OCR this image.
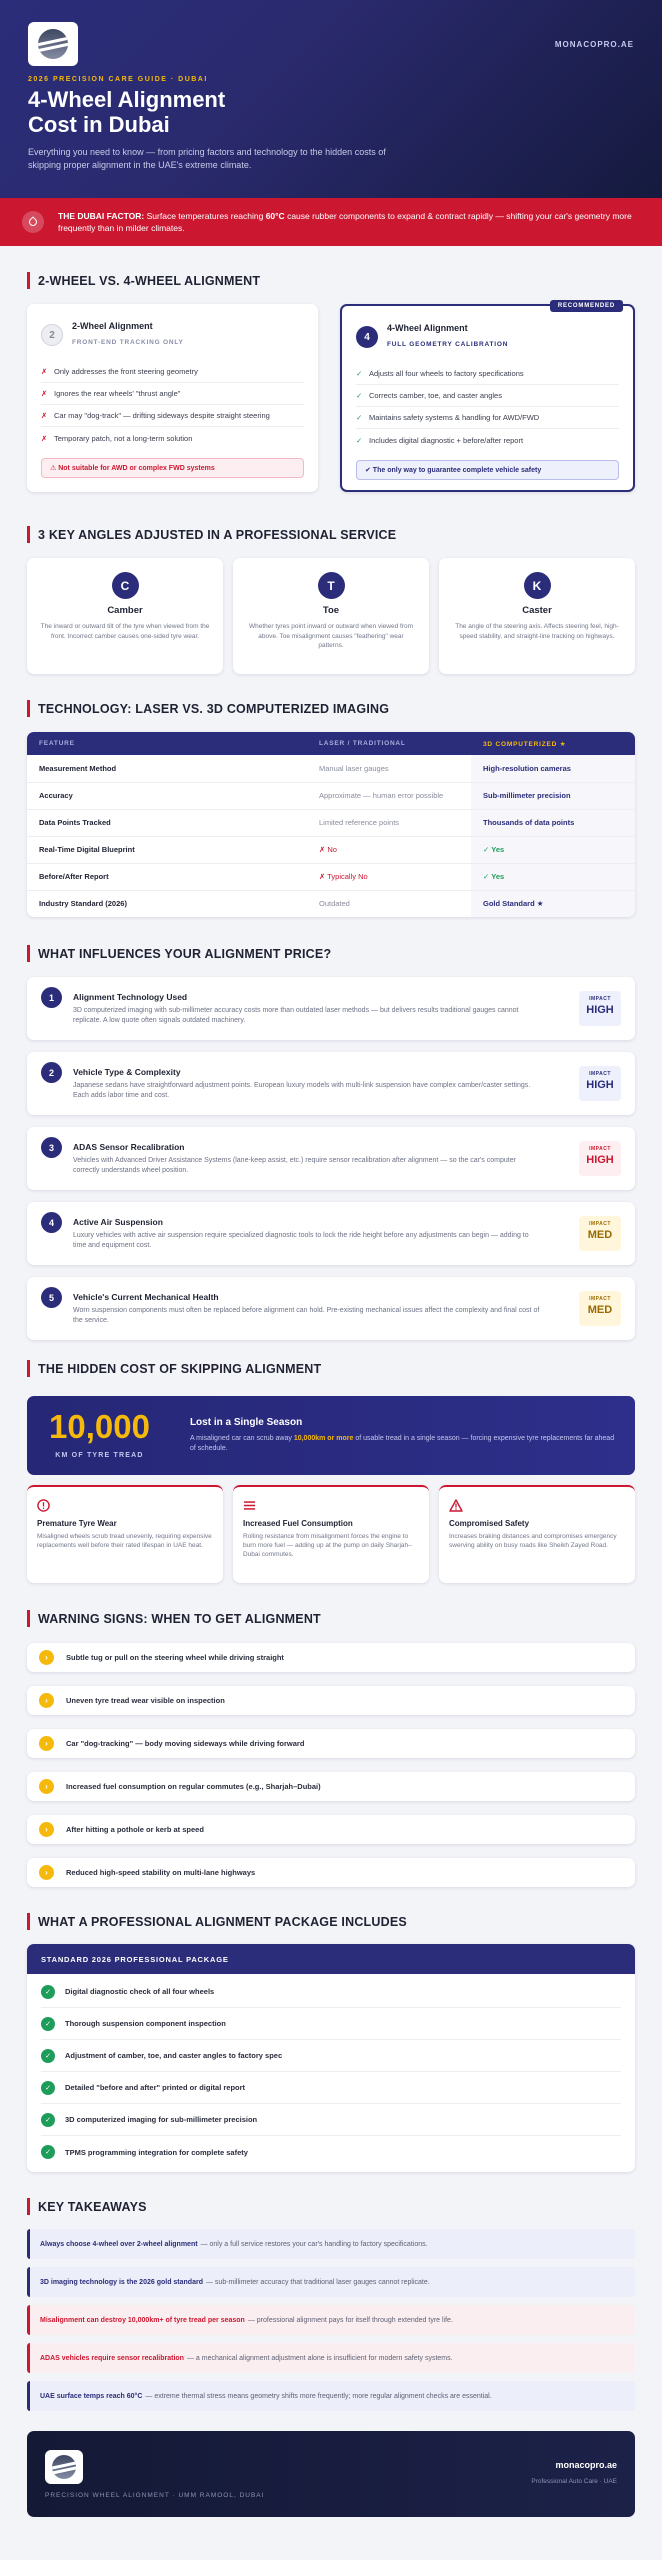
MONACOPRO.AE
2026 PRECISION CARE GUIDE · DUBAI
4-Wheel Alignment
Cost in Dubai

Everything you need to know — from pricing factors and technology to the hidden costs of skipping proper alignment in the UAE's extreme climate.

THE DUBAI FACTOR: Surface temperatures reaching 60°C cause rubber components to expand & contract rapidly — shifting your car's geometry more frequently than in milder climates.

2-WHEEL VS. 4-WHEEL ALIGNMENT
2
2-Wheel Alignment
FRONT-END TRACKING ONLY
✗ Only addresses the front steering geometry
✗ Ignores the rear wheels' "thrust angle"
✗ Car may "dog-track" — drifting sideways despite straight steering
✗ Temporary patch, not a long-term solution
⚠ Not suitable for AWD or complex FWD systems
RECOMMENDED
4
4-Wheel Alignment
FULL GEOMETRY CALIBRATION
✓ Adjusts all four wheels to factory specifications
✓ Corrects camber, toe, and caster angles
✓ Maintains safety systems & handling for AWD/FWD
✓ Includes digital diagnostic + before/after report
✔ The only way to guarantee complete vehicle safety
3 KEY ANGLES ADJUSTED IN A PROFESSIONAL SERVICE
C
Camber

The inward or outward tilt of the tyre when viewed from the front. Incorrect camber causes one-sided tyre wear.

T
Toe

Whether tyres point inward or outward when viewed from above. Toe misalignment causes "feathering" wear patterns.

K
Caster

The angle of the steering axis. Affects steering feel, high-speed stability, and straight-line tracking on highways.

TECHNOLOGY: LASER VS. 3D COMPUTERIZED IMAGING
FEATURE	LASER / TRADITIONAL	3D COMPUTERIZED ★
Measurement Method	Manual laser gauges	High-resolution cameras
Accuracy	Approximate — human error possible	Sub-millimeter precision
Data Points Tracked	Limited reference points	Thousands of data points
Real-Time Digital Blueprint	✗ No	✓ Yes
Before/After Report	✗ Typically No	✓ Yes
Industry Standard (2026)	Outdated	Gold Standard ★
WHAT INFLUENCES YOUR ALIGNMENT PRICE?
1	Alignment Technology Used

3D computerized imaging with sub-millimeter accuracy costs more than outdated laser methods — but delivers results traditional gauges cannot replicate. A low quote often signals outdated machinery.

IMPACT
HIGH
2	Vehicle Type & Complexity

Japanese sedans have straightforward adjustment points. European luxury models with multi-link suspension have complex camber/caster settings. Each adds labor time and cost.

IMPACT
HIGH
3	ADAS Sensor Recalibration

Vehicles with Advanced Driver Assistance Systems (lane-keep assist, etc.) require sensor recalibration after alignment — so the car's computer correctly understands wheel position.

IMPACT
HIGH
4	Active Air Suspension

Luxury vehicles with active air suspension require specialized diagnostic tools to lock the ride height before any adjustments can begin — adding to time and equipment cost.

IMPACT
MED
5	Vehicle's Current Mechanical Health

Worn suspension components must often be replaced before alignment can hold. Pre-existing mechanical issues affect the complexity and final cost of the service.

IMPACT
MED
THE HIDDEN COST OF SKIPPING ALIGNMENT
10,000
KM OF TYRE TREAD
Lost in a Single Season

A misaligned car can scrub away 10,000km or more of usable tread in a single season — forcing expensive tyre replacements far ahead of schedule.

Premature Tyre Wear

Misaligned wheels scrub tread unevenly, requiring expensive replacements well before their rated lifespan in UAE heat.

Increased Fuel Consumption

Rolling resistance from misalignment forces the engine to burn more fuel — adding up at the pump on daily Sharjah–Dubai commutes.

Compromised Safety

Increases braking distances and compromises emergency swerving ability on busy roads like Sheikh Zayed Road.

WARNING SIGNS: WHEN TO GET ALIGNMENT
›	Subtle tug or pull on the steering wheel while driving straight
›	Uneven tyre tread wear visible on inspection
›	Car "dog-tracking" — body moving sideways while driving forward
›	Increased fuel consumption on regular commutes (e.g., Sharjah–Dubai)
›	After hitting a pothole or kerb at speed
›	Reduced high-speed stability on multi-lane highways
WHAT A PROFESSIONAL ALIGNMENT PACKAGE INCLUDES
STANDARD 2026 PROFESSIONAL PACKAGE
✓	Digital diagnostic check of all four wheels
✓	Thorough suspension component inspection
✓	Adjustment of camber, toe, and caster angles to factory spec
✓	Detailed "before and after" printed or digital report
✓	3D computerized imaging for sub-millimeter precision
✓	TPMS programming integration for complete safety
KEY TAKEAWAYS
Always choose 4-wheel over 2-wheel alignment — only a full service restores your car's handling to factory specifications.
3D imaging technology is the 2026 gold standard — sub-millimeter accuracy that traditional laser gauges cannot replicate.
Misalignment can destroy 10,000km+ of tyre tread per season — professional alignment pays for itself through extended tyre life.
ADAS vehicles require sensor recalibration — a mechanical alignment adjustment alone is insufficient for modern safety systems.
UAE surface temps reach 60°C — extreme thermal stress means geometry shifts more frequently; more regular alignment checks are essential.
PRECISION WHEEL ALIGNMENT · UMM RAMOOL, DUBAI
monacopro.ae
Professional Auto Care · UAE
